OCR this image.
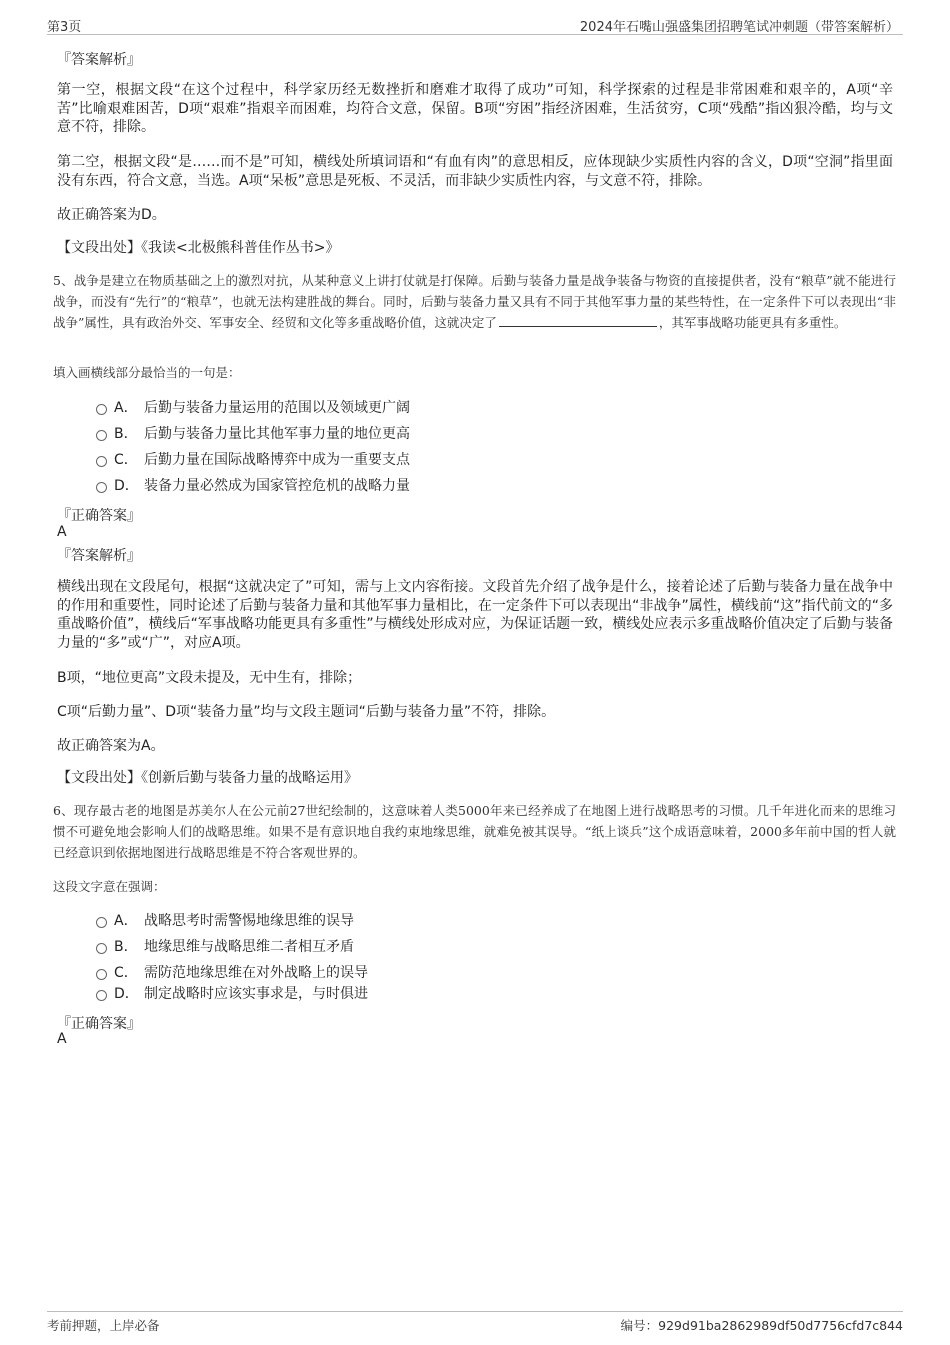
第3页	2024年石嘴山强盛集团招聘笔试冲刺题（带答案解析）
『答案解析』
第一空，根据文段“在这个过程中，科学家历经无数挫折和磨难才取得了成功”可知，科学探索的过程是非常困难和艰辛的，A项“辛苦”比喻艰难困苦，D项“艰难”指艰辛而困难，均符合文意，保留。B项“穷困”指经济困难，生活贫穷，C项“残酷”指凶狠冷酷，均与文意不符，排除。
第二空，根据文段“是……而不是”可知，横线处所填词语和“有血有肉”的意思相反，应体现缺少实质性内容的含义，D项“空洞”指里面没有东西，符合文意，当选。A项“呆板”意思是死板、不灵活，而非缺少实质性内容，与文意不符，排除。
故正确答案为D。
【文段出处】《我读<北极熊科普佳作丛书>》
5、战争是建立在物质基础之上的激烈对抗，从某种意义上讲打仗就是打保障。后勤与装备力量是战争装备与物资的直接提供者，没有“粮草”就不能进行战争，而没有“先行”的“粮草”，也就无法构建胜战的舞台。同时，后勤与装备力量又具有不同于其他军事力量的某些特性，在一定条件下可以表现出“非战争”属性，具有政治外交、军事安全、经贸和文化等多重战略价值，这就决定了	，其军事战略功能更具有多重性。
填入画横线部分最恰当的一句是：
A． 后勤与装备力量运用的范围以及领域更广阔
B． 后勤与装备力量比其他军事力量的地位更高
C． 后勤力量在国际战略博弈中成为一重要支点
D． 装备力量必然成为国家管控危机的战略力量
『正确答案』
A
『答案解析』
横线出现在文段尾句，根据“这就决定了”可知，需与上文内容衔接。文段首先介绍了战争是什么，接着论述了后勤与装备力量在战争中的作用和重要性，同时论述了后勤与装备力量和其他军事力量相比，在一定条件下可以表现出“非战争”属性，横线前“这”指代前文的“多重战略价值”，横线后“军事战略功能更具有多重性”与横线处形成对应，为保证话题一致，横线处应表示多重战略价值决定了后勤与装备力量的“多”或“广”，对应A项。
B项，“地位更高”文段未提及，无中生有，排除；
C项“后勤力量”、D项“装备力量”均与文段主题词“后勤与装备力量”不符，排除。
故正确答案为A。
【文段出处】《创新后勤与装备力量的战略运用》
6、现存最古老的地图是苏美尔人在公元前27世纪绘制的，这意味着人类5000年来已经养成了在地图上进行战略思考的习惯。几千年进化而来的思维习惯不可避免地会影响人们的战略思维。如果不是有意识地自我约束地缘思维，就难免被其误导。“纸上谈兵”这个成语意味着，2000多年前中国的哲人就已经意识到依据地图进行战略思维是不符合客观世界的。
这段文字意在强调：
A． 战略思考时需警惕地缘思维的误导
B． 地缘思维与战略思维二者相互矛盾
C． 需防范地缘思维在对外战略上的误导
D． 制定战略时应该实事求是，与时俱进
『正确答案』
A
考前押题，上岸必备	编号：929d91ba2862989df50d7756cfd7c844
